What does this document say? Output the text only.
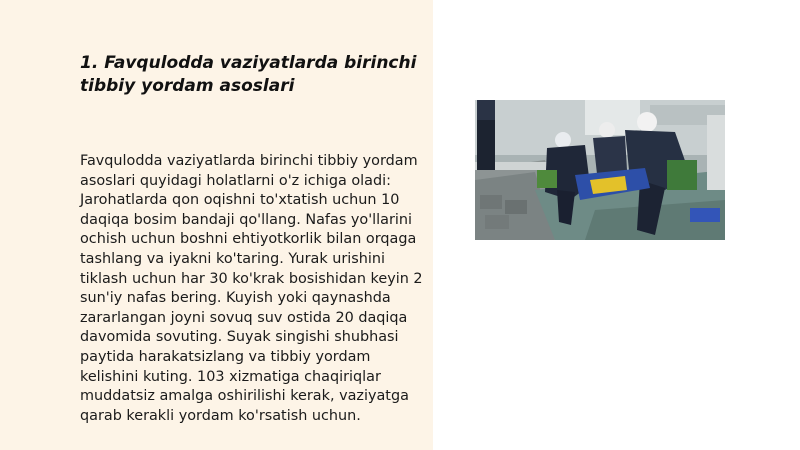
1. Favqulodda vaziyatlarda birinchi tibbiy yordam asoslari
Favqulodda vaziyatlarda birinchi tibbiy yordam asoslari quyidagi holatlarni o'z ichiga oladi: Jarohatlarda qon oqishni to'xtatish uchun 10 daqiqa bosim bandaji qo'llang. Nafas yo'llarini ochish uchun boshni ehtiyotkorlik bilan orqaga tashlang va iyakni ko'taring. Yurak urishini tiklash uchun har 30 ko'krak bosishidan keyin 2 sun'iy nafas bering. Kuyish yoki qaynashda zararlangan joyni sovuq suv ostida 20 daqiqa davomida sovuting. Suyak singishi shubhasi paytida harakatsizlang va tibbiy yordam kelishini kuting. 103 xizmatiga chaqiriqlar muddatsiz amalga oshirilishi kerak, vaziyatga qarab kerakli yordam ko'rsatish uchun.
